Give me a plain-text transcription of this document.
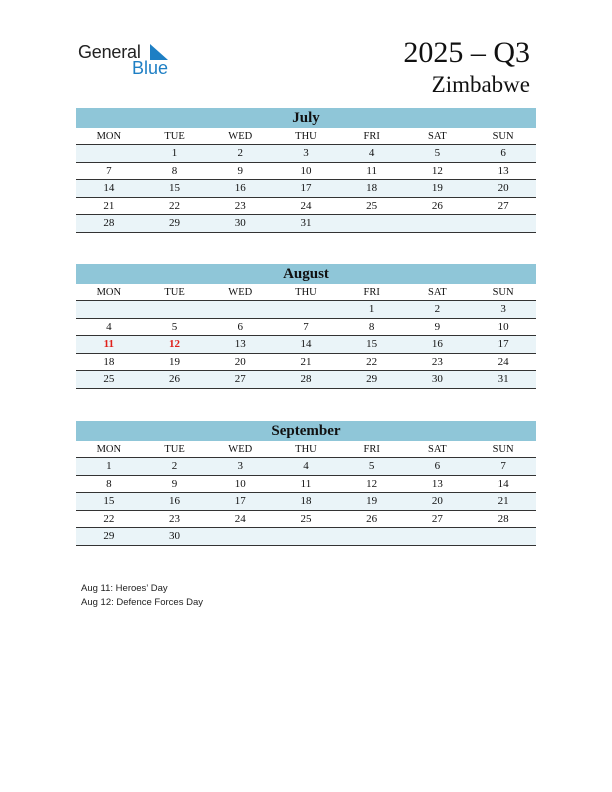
General
Blue	2025 – Q3
Zimbabwe
July
MON	TUE	WED	THU	FRI	SAT	SUN
	1	2	3	4	5	6
7	8	9	10	11	12	13
14	15	16	17	18	19	20
21	22	23	24	25	26	27
28	29	30	31			
August
MON	TUE	WED	THU	FRI	SAT	SUN
				1	2	3
4	5	6	7	8	9	10
11	12	13	14	15	16	17
18	19	20	21	22	23	24
25	26	27	28	29	30	31
September
MON	TUE	WED	THU	FRI	SAT	SUN
1	2	3	4	5	6	7
8	9	10	11	12	13	14
15	16	17	18	19	20	21
22	23	24	25	26	27	28
29	30					
Aug 11: Heroes’ Day
Aug 12: Defence Forces Day
